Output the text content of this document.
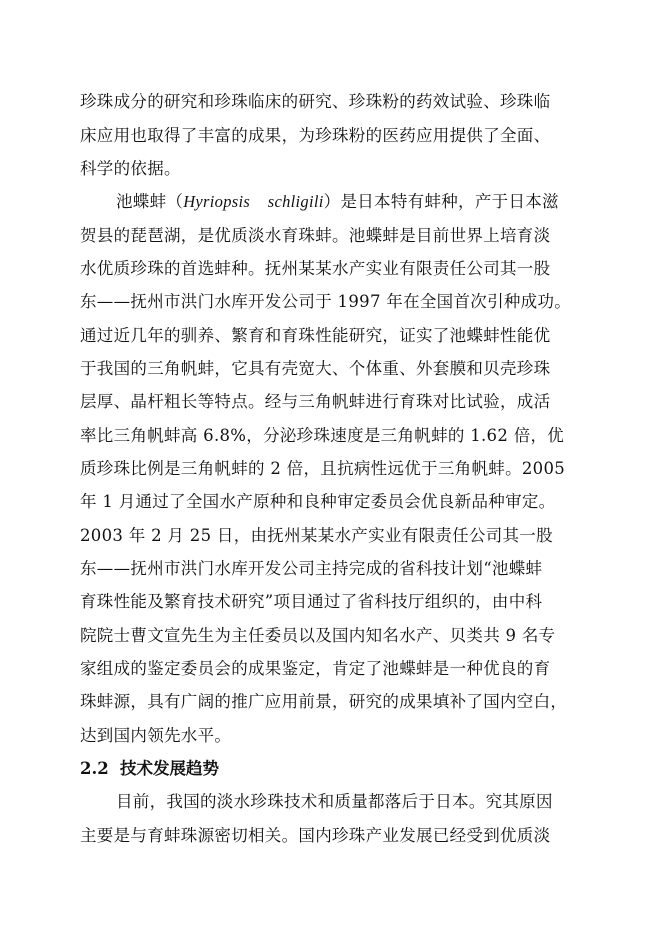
珍珠成分的研究和珍珠临床的研究、珍珠粉的药效试验、珍珠临
床应用也取得了丰富的成果，为珍珠粉的医药应用提供了全面、
科学的依据。
池蝶蚌（Hyriopsis    schligili）是日本特有蚌种，产于日本滋
贺县的琵琶湖，是优质淡水育珠蚌。池蝶蚌是目前世界上培育淡
水优质珍珠的首选蚌种。抚州某某水产实业有限责任公司其一股
东——抚州市洪门水库开发公司于 1997 年在全国首次引种成功。
通过近几年的驯养、繁育和育珠性能研究，证实了池蝶蚌性能优
于我国的三角帆蚌，它具有壳宽大、个体重、外套膜和贝壳珍珠
层厚、晶杆粗长等特点。经与三角帆蚌进行育珠对比试验，成活
率比三角帆蚌高 6.8%，分泌珍珠速度是三角帆蚌的 1.62 倍，优
质珍珠比例是三角帆蚌的 2 倍，且抗病性远优于三角帆蚌。2005
年 1 月通过了全国水产原种和良种审定委员会优良新品种审定。
2003 年 2 月 25 日，由抚州某某水产实业有限责任公司其一股
东——抚州市洪门水库开发公司主持完成的省科技计划“池蝶蚌
育珠性能及繁育技术研究”项目通过了省科技厅组织的，由中科
院院士曹文宣先生为主任委员以及国内知名水产、贝类共 9 名专
家组成的鉴定委员会的成果鉴定，肯定了池蝶蚌是一种优良的育
珠蚌源，具有广阔的推广应用前景，研究的成果填补了国内空白，
达到国内领先水平。
2.2 技术发展趋势
目前，我国的淡水珍珠技术和质量都落后于日本。究其原因
主要是与育蚌珠源密切相关。国内珍珠产业发展已经受到优质淡
